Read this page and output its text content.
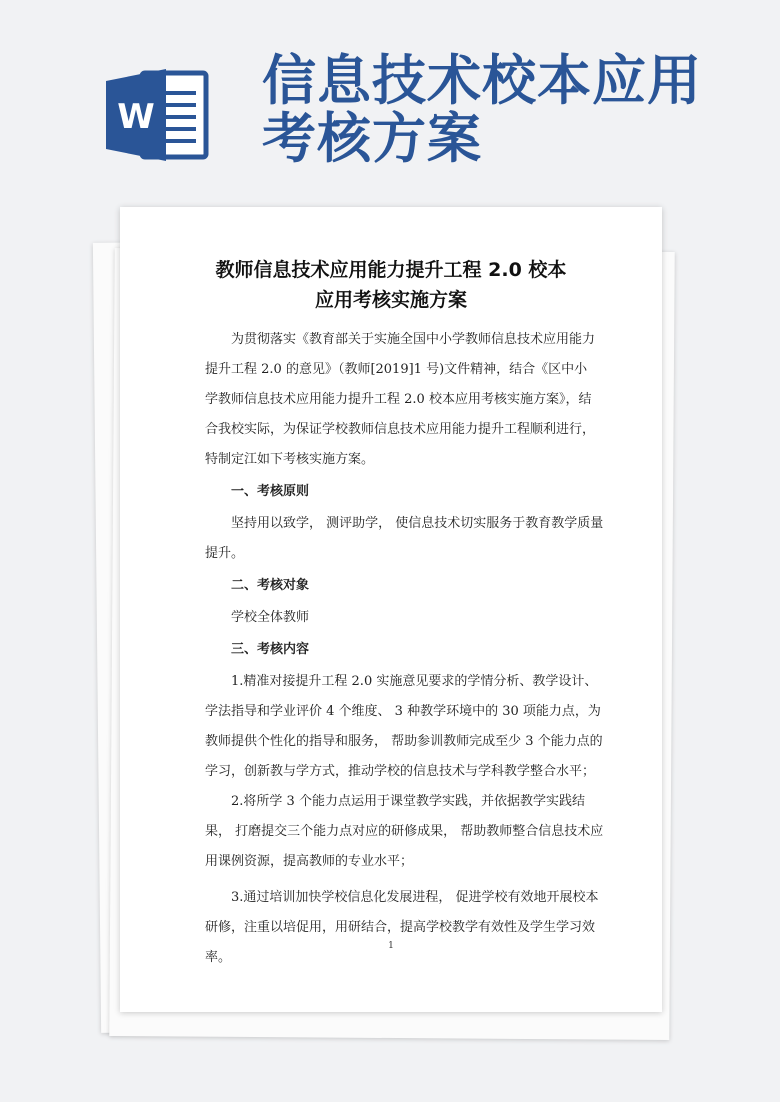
W
信息技术校本应用
考核方案
教师信息技术应用能力提升工程 2.0 校本
应用考核实施方案
为贯彻落实《教育部关于实施全国中小学教师信息技术应用能力
提升工程 2.0 的意见》（教师[2019]1 号)文件精神，结合《区中小
学教师信息技术应用能力提升工程 2.0 校本应用考核实施方案》，结
合我校实际，为保证学校教师信息技术应用能力提升工程顺利进行，
特制定江如下考核实施方案。
一、考核原则
坚持用以致学， 测评助学， 使信息技术切实服务于教育教学质量
提升。
二、考核对象
学校全体教师
三、考核内容
1.精准对接提升工程 2.0 实施意见要求的学情分析、教学设计、
学法指导和学业评价 4 个维度、 3 种教学环境中的 30 项能力点，为
教师提供个性化的指导和服务， 帮助参训教师完成至少 3 个能力点的
学习，创新教与学方式，推动学校的信息技术与学科教学整合水平；
2.将所学 3 个能力点运用于课堂教学实践，并依据教学实践结
果， 打磨提交三个能力点对应的研修成果， 帮助教师整合信息技术应
用课例资源，提高教师的专业水平；
3.通过培训加快学校信息化发展进程， 促进学校有效地开展校本
研修，注重以培促用，用研结合，提高学校教学有效性及学生学习效
率。
1
